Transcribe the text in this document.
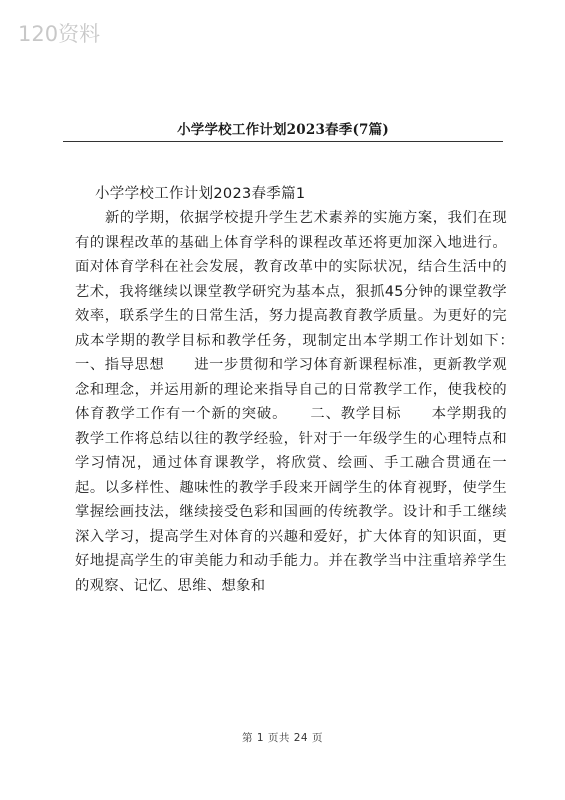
120资料
小学学校工作计划2023春季(7篇)
小学学校工作计划2023春季篇1

新的学期，依据学校提升学生艺术素养的实施方案，我们在现有的课程改革的基础上体育学科的课程改革还将更加深入地进行。面对体育学科在社会发展，教育改革中的实际状况，结合生活中的艺术，我将继续以课堂教学研究为基本点，狠抓45分钟的课堂教学效率，联系学生的日常生活，努力提高教育教学质量。为更好的完成本学期的教学目标和教学任务，现制定出本学期工作计划如下：　　一、指导思想　　进一步贯彻和学习体育新课程标准，更新教学观念和理念，并运用新的理论来指导自己的日常教学工作，使我校的体育教学工作有一个新的突破。　　二、教学目标　　本学期我的教学工作将总结以往的教学经验，针对于一年级学生的心理特点和学习情况，通过体育课教学，将欣赏、绘画、手工融合贯通在一起。以多样性、趣味性的教学手段来开阔学生的体育视野，使学生掌握绘画技法，继续接受色彩和国画的传统教学。设计和手工继续深入学习，提高学生对体育的兴趣和爱好，扩大体育的知识面，更好地提高学生的审美能力和动手能力。并在教学当中注重培养学生的观察、记忆、思维、想象和

第 1 页共 24 页
